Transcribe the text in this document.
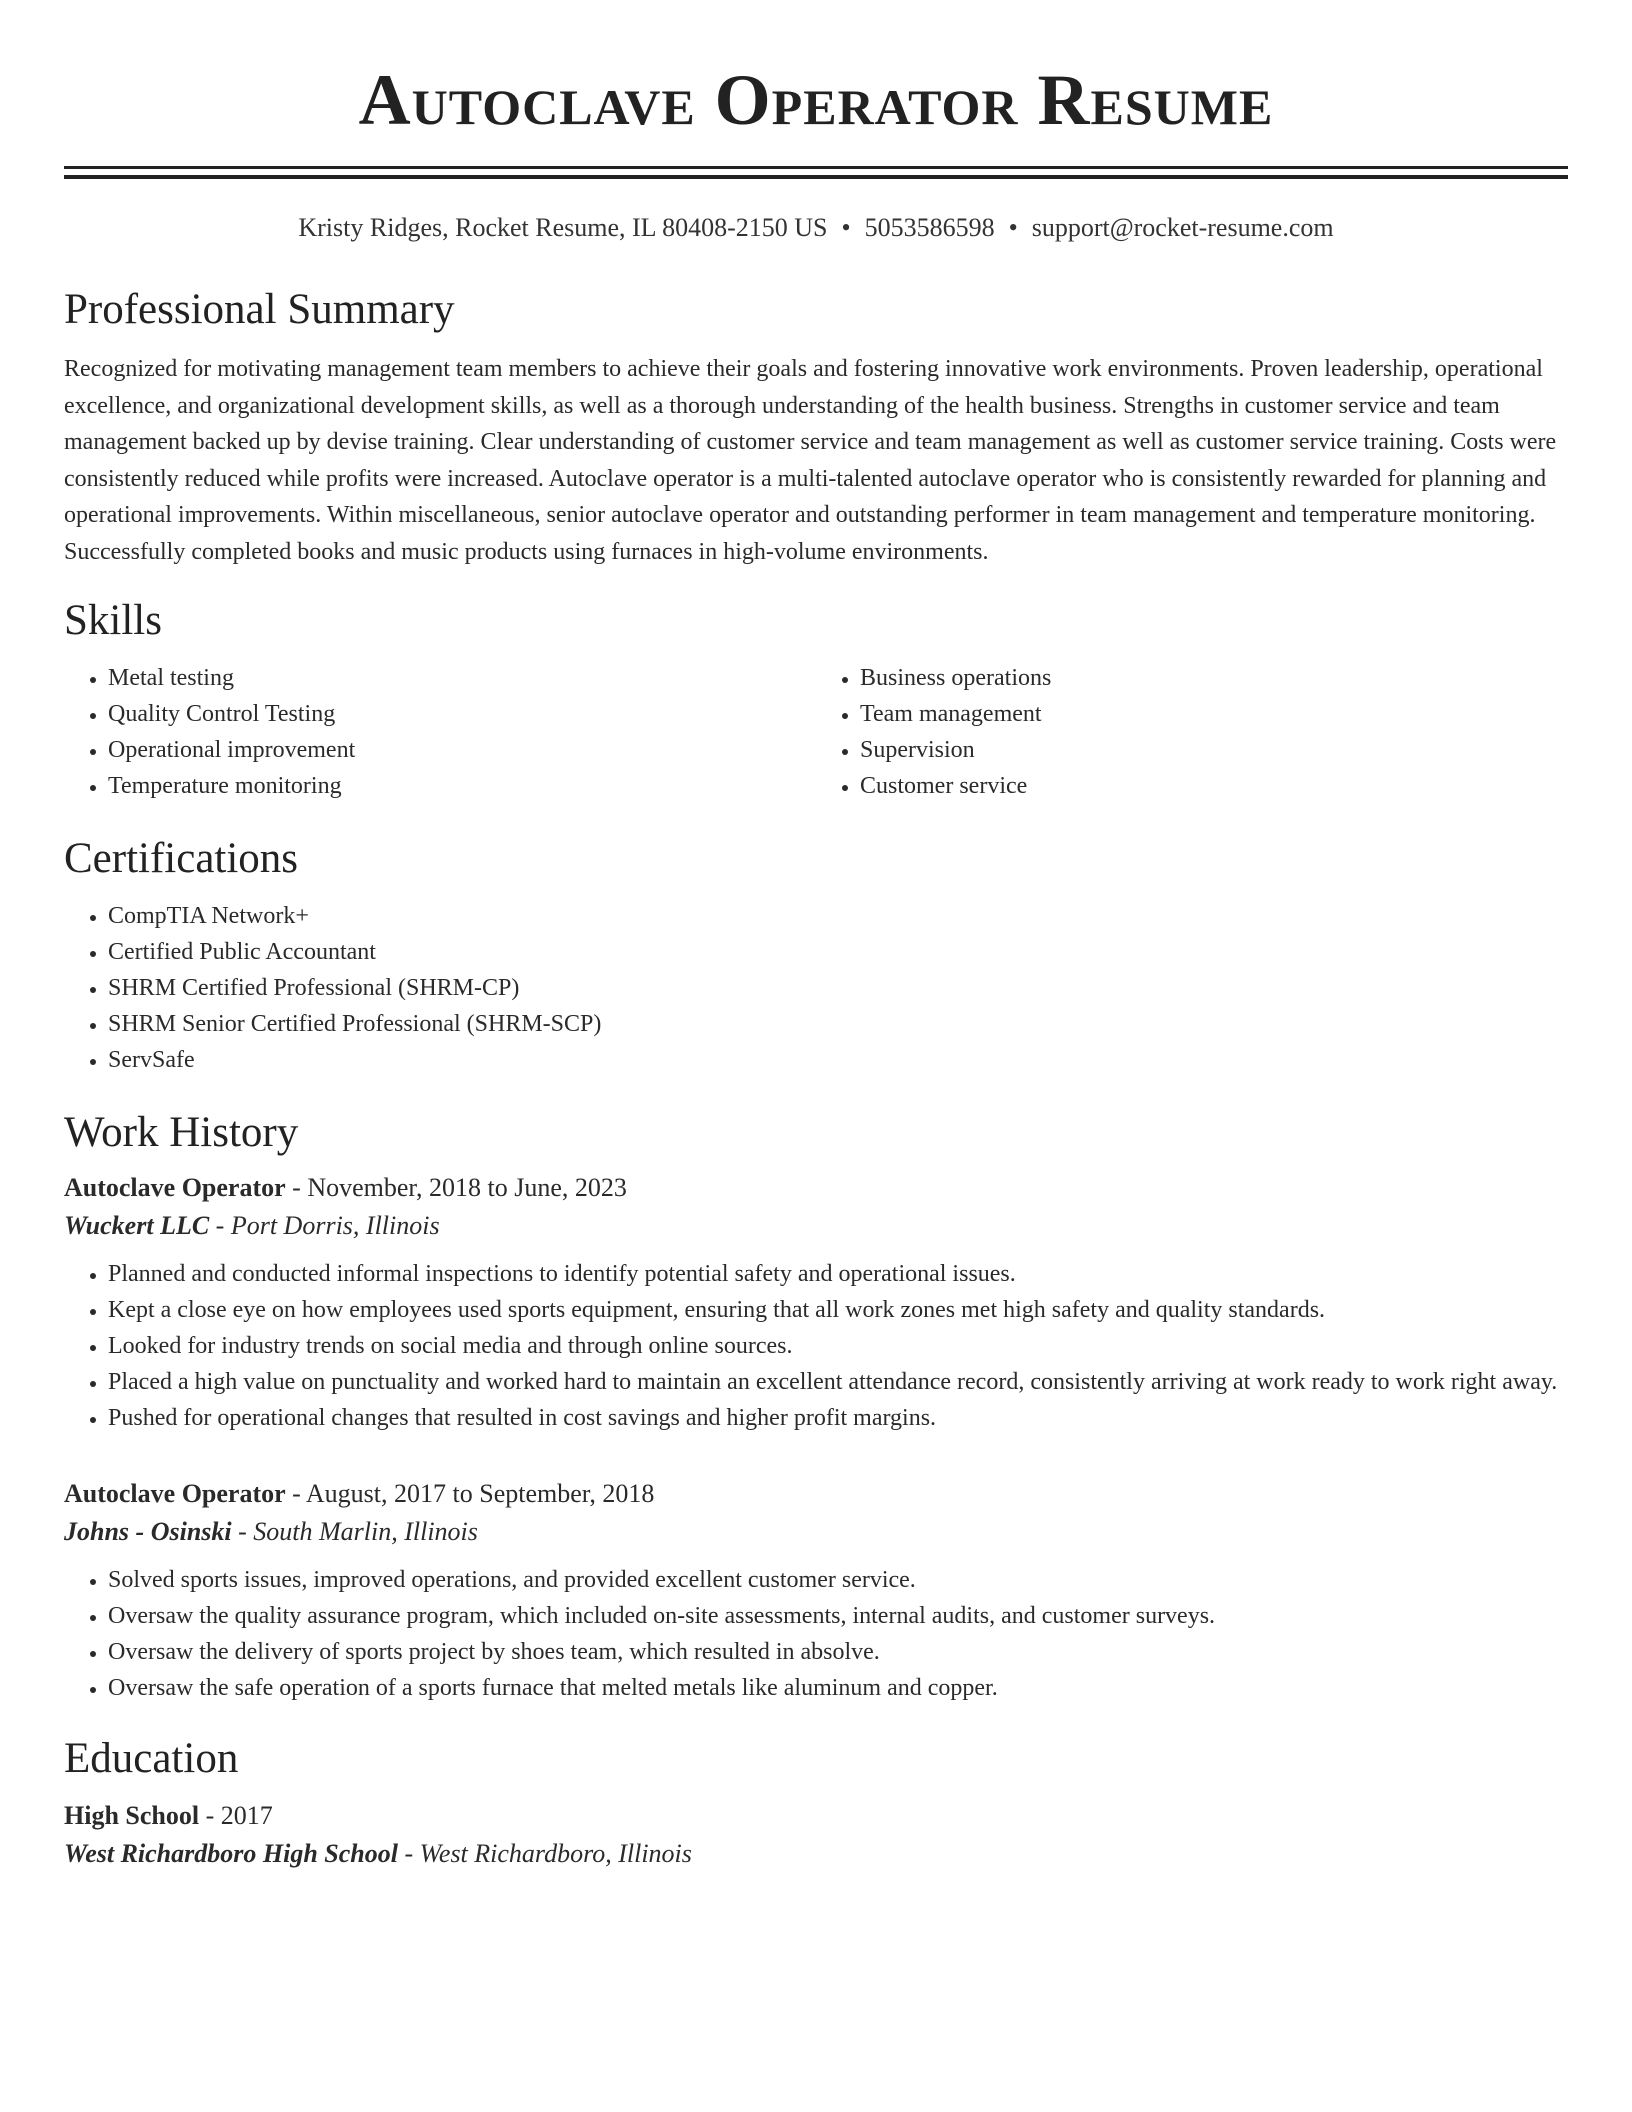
Autoclave Operator Resume
Kristy Ridges, Rocket Resume, IL 80408-2150 US • 5053586598 • support@rocket-resume.com
Professional Summary

Recognized for motivating management team members to achieve their goals and fostering innovative work environments. Proven leadership, operational excellence, and organizational development skills, as well as a thorough understanding of the health business. Strengths in customer service and team management backed up by devise training. Clear understanding of customer service and team management as well as customer service training. Costs were consistently reduced while profits were increased. Autoclave operator is a multi-talented autoclave operator who is consistently rewarded for planning and operational improvements. Within miscellaneous, senior autoclave operator and outstanding performer in team management and temperature monitoring. Successfully completed books and music products using furnaces in high-volume environments.

Skills
• Metal testing
• Quality Control Testing
• Operational improvement
• Temperature monitoring
• Business operations
• Team management
• Supervision
• Customer service
Certifications
• CompTIA Network+
• Certified Public Accountant
• SHRM Certified Professional (SHRM-CP)
• SHRM Senior Certified Professional (SHRM-SCP)
• ServSafe
Work History
Autoclave Operator - November, 2018 to June, 2023
Wuckert LLC - Port Dorris, Illinois
• Planned and conducted informal inspections to identify potential safety and operational issues.
• Kept a close eye on how employees used sports equipment, ensuring that all work zones met high safety and quality standards.
• Looked for industry trends on social media and through online sources.
• Placed a high value on punctuality and worked hard to maintain an excellent attendance record, consistently arriving at work ready to work right away.
• Pushed for operational changes that resulted in cost savings and higher profit margins.
Autoclave Operator - August, 2017 to September, 2018
Johns - Osinski - South Marlin, Illinois
• Solved sports issues, improved operations, and provided excellent customer service.
• Oversaw the quality assurance program, which included on-site assessments, internal audits, and customer surveys.
• Oversaw the delivery of sports project by shoes team, which resulted in absolve.
• Oversaw the safe operation of a sports furnace that melted metals like aluminum and copper.
Education
High School - 2017
West Richardboro High School - West Richardboro, Illinois
